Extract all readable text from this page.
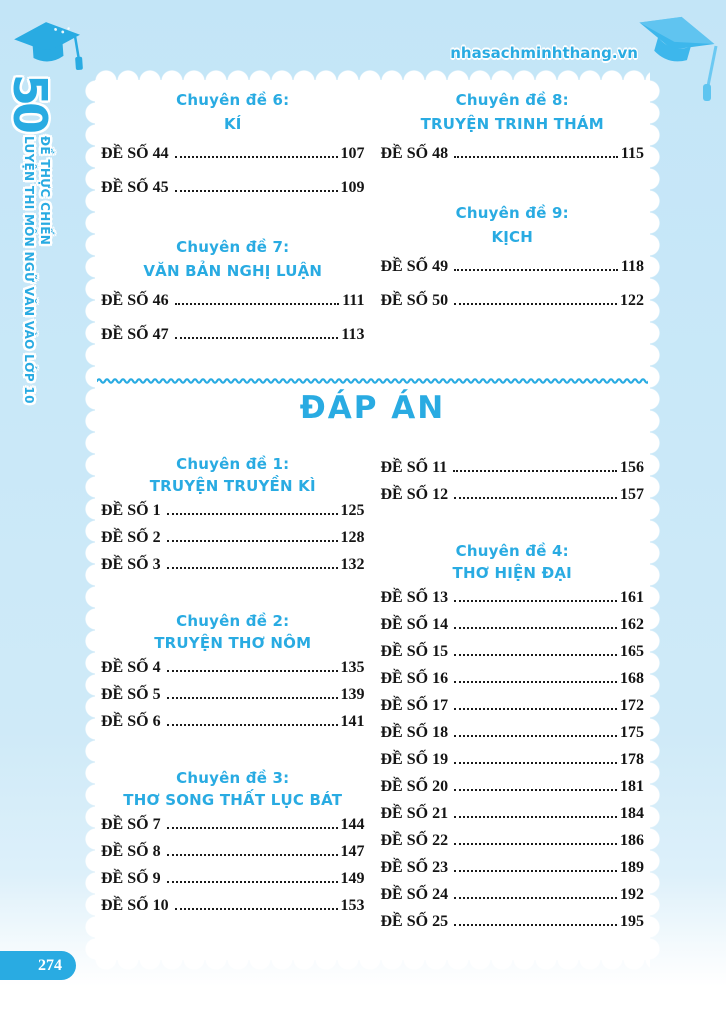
nhasachminhthang.vn
50
ĐỀ THỰC CHIẾN
LUYỆN THI MÔN NGỮ VĂN VÀO LỚP 10
Chuyên đề 6:
KÍ
ĐỀ SỐ 44	107
ĐỀ SỐ 45	109
Chuyên đề 7:
VĂN BẢN NGHỊ LUẬN
ĐỀ SỐ 46	111
ĐỀ SỐ 47	113
Chuyên đề 8:
TRUYỆN TRINH THÁM
ĐỀ SỐ 48	115
Chuyên đề 9:
KỊCH
ĐỀ SỐ 49	118
ĐỀ SỐ 50	122
ĐÁP ÁN
Chuyên đề 1:
TRUYỆN TRUYỀN KÌ
ĐỀ SỐ 1	125
ĐỀ SỐ 2	128
ĐỀ SỐ 3	132
Chuyên đề 2:
TRUYỆN THƠ NÔM
ĐỀ SỐ 4	135
ĐỀ SỐ 5	139
ĐỀ SỐ 6	141
Chuyên đề 3:
THƠ SONG THẤT LỤC BÁT
ĐỀ SỐ 7	144
ĐỀ SỐ 8	147
ĐỀ SỐ 9	149
ĐỀ SỐ 10	153
ĐỀ SỐ 11	156
ĐỀ SỐ 12	157
Chuyên đề 4:
THƠ HIỆN ĐẠI
ĐỀ SỐ 13	161
ĐỀ SỐ 14	162
ĐỀ SỐ 15	165
ĐỀ SỐ 16	168
ĐỀ SỐ 17	172
ĐỀ SỐ 18	175
ĐỀ SỐ 19	178
ĐỀ SỐ 20	181
ĐỀ SỐ 21	184
ĐỀ SỐ 22	186
ĐỀ SỐ 23	189
ĐỀ SỐ 24	192
ĐỀ SỐ 25	195
274
